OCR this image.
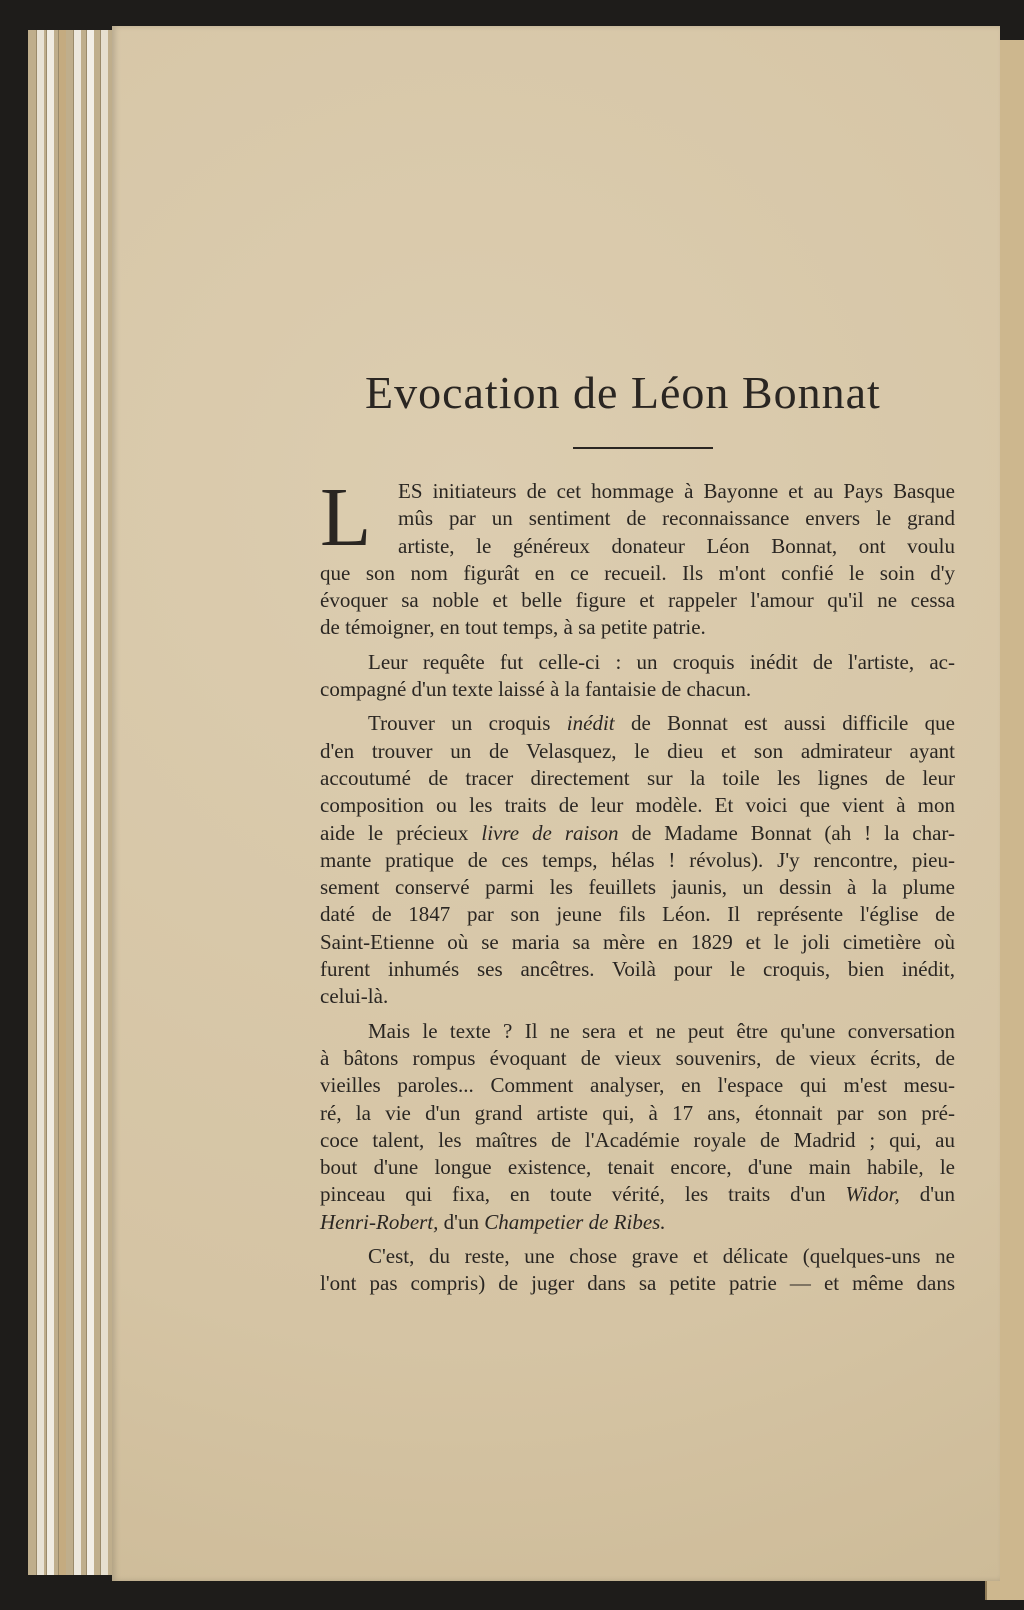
Evocation de Léon Bonnat
L	ES initiateurs de cet hommage à Bayonne et au Pays Basque
mûs par un sentiment de reconnaissance envers le grand
artiste, le généreux donateur Léon Bonnat, ont voulu
que son nom figurât en ce recueil. Ils m'ont confié le soin d'y
évoquer sa noble et belle figure et rappeler l'amour qu'il ne cessa
de témoigner, en tout temps, à sa petite patrie.
Leur requête fut celle-ci : un croquis inédit de l'artiste, ac-
compagné d'un texte laissé à la fantaisie de chacun.
Trouver un croquis inédit de Bonnat est aussi difficile que
d'en trouver un de Velasquez, le dieu et son admirateur ayant
accoutumé de tracer directement sur la toile les lignes de leur
composition ou les traits de leur modèle. Et voici que vient à mon
aide le précieux livre de raison de Madame Bonnat (ah ! la char-
mante pratique de ces temps, hélas ! révolus). J'y rencontre, pieu-
sement conservé parmi les feuillets jaunis, un dessin à la plume
daté de 1847 par son jeune fils Léon. Il représente l'église de
Saint-Etienne où se maria sa mère en 1829 et le joli cimetière où
furent inhumés ses ancêtres. Voilà pour le croquis, bien inédit,
celui-là.
Mais le texte ? Il ne sera et ne peut être qu'une conversation
à bâtons rompus évoquant de vieux souvenirs, de vieux écrits, de
vieilles paroles... Comment analyser, en l'espace qui m'est mesu-
ré, la vie d'un grand artiste qui, à 17 ans, étonnait par son pré-
coce talent, les maîtres de l'Académie royale de Madrid ; qui, au
bout d'une longue existence, tenait encore, d'une main habile, le
pinceau qui fixa, en toute vérité, les traits d'un Widor, d'un
Henri-Robert, d'un Champetier de Ribes.
C'est, du reste, une chose grave et délicate (quelques-uns ne
l'ont pas compris) de juger dans sa petite patrie — et même dans
